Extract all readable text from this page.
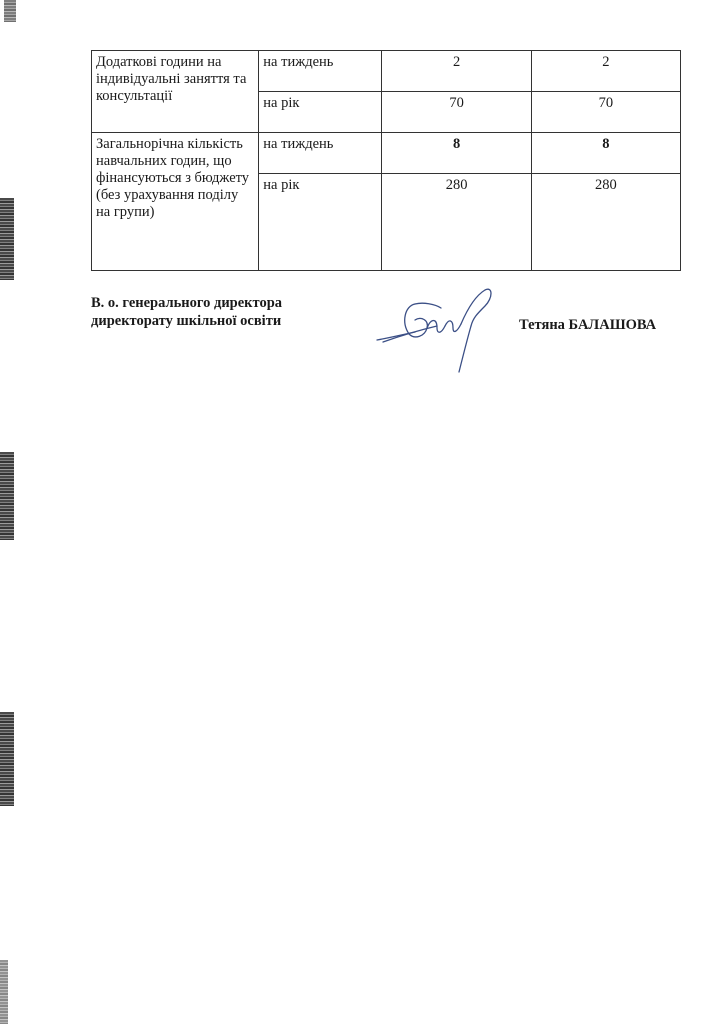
Додаткові години на індивідуальні заняття та консультації	на тиждень	2	2
	на рік	70	70
Загальнорічна кількість навчальних годин, що фінансуються з бюджету (без урахування поділу на групи)	на тиждень	8	8
	на рік	280	280
В. о. генерального директора
директорату шкільної освіти	Тетяна БАЛАШОВА
